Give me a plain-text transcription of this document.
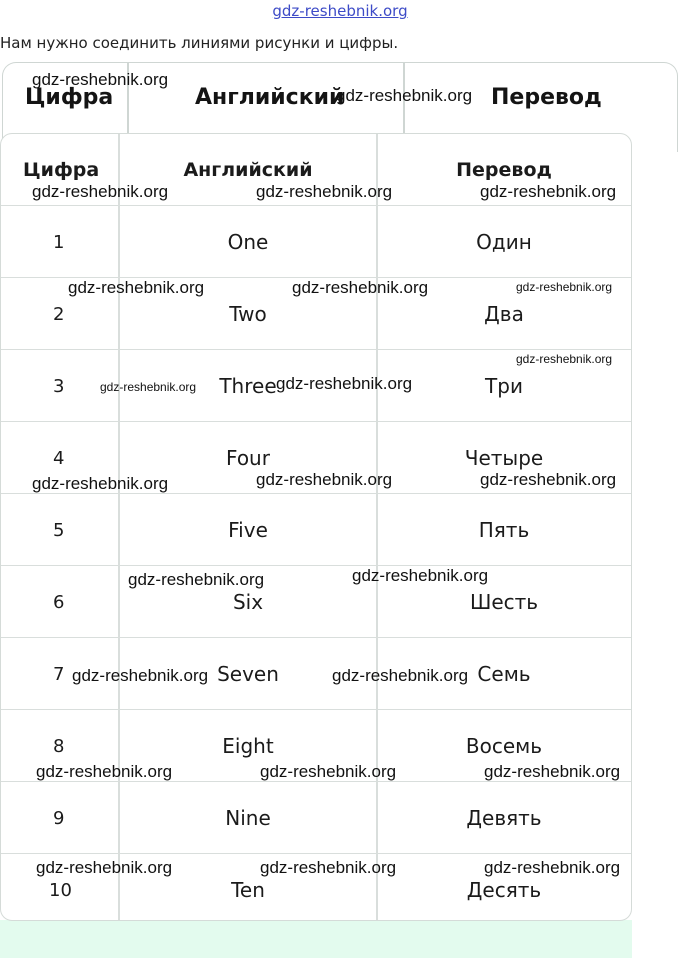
gdz-reshebnik.org
Нам нужно соединить линиями рисунки и цифры.
Цифра	Английский	Перевод
Цифра	Английский	Перевод
1	One	Один
2	Two	Два
3	Three	Три
4	Four	Четыре
5	Five	Пять
6	Six	Шесть
7	Seven	Семь
8	Eight	Восемь
9	Nine	Девять
10	Ten	Десять
gdz-reshebnik.org
gdz-reshebnik.org
gdz-reshebnik.org	gdz-reshebnik.org	gdz-reshebnik.org
gdz-reshebnik.org	gdz-reshebnik.org	gdz-reshebnik.org
gdz-reshebnik.org
gdz-reshebnik.org	gdz-reshebnik.org
gdz-reshebnik.org	gdz-reshebnik.org	gdz-reshebnik.org
gdz-reshebnik.org	gdz-reshebnik.org
gdz-reshebnik.org	gdz-reshebnik.org
gdz-reshebnik.org	gdz-reshebnik.org	gdz-reshebnik.org
gdz-reshebnik.org	gdz-reshebnik.org	gdz-reshebnik.org
